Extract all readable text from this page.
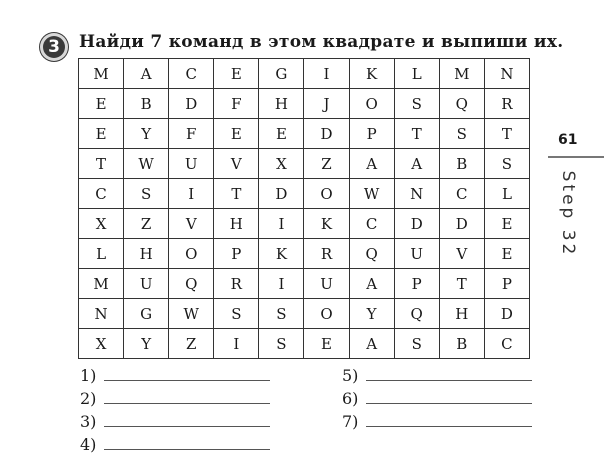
3	Найди 7 команд в этом квадрате и выпиши их.
M	A	C	E	G	I	K	L	M	N
E	B	D	F	H	J	O	S	Q	R
E	Y	F	E	E	D	P	T	S	T
T	W	U	V	X	Z	A	A	B	S
C	S	I	T	D	O	W	N	C	L
X	Z	V	H	I	K	C	D	D	E
L	H	O	P	K	R	Q	U	V	E
M	U	Q	R	I	U	A	P	T	P
N	G	W	S	S	O	Y	Q	H	D
X	Y	Z	I	S	E	A	S	B	C
1)
2)
3)
4)
5)
6)
7)
61
Step 32
